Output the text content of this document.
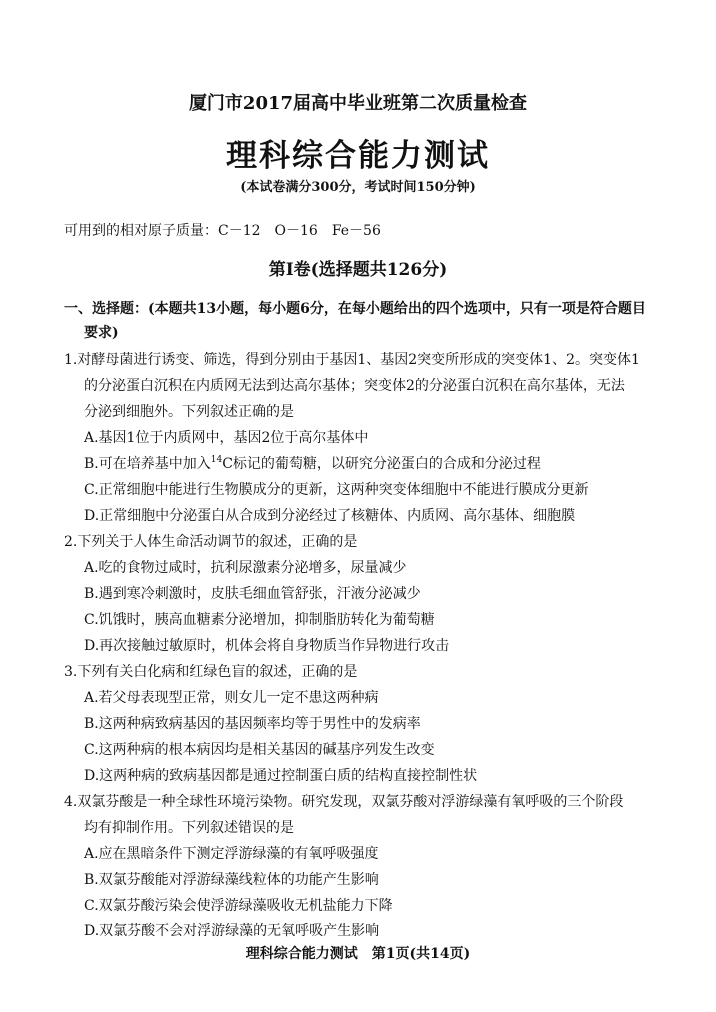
厦门市2017届高中毕业班第二次质量检查
理科综合能力测试
(本试卷满分300分，考试时间150分钟)
可用到的相对原子质量：C－12　O－16　Fe－56
第Ⅰ卷(选择题共126分)
一、选择题：(本题共13小题，每小题6分，在每小题给出的四个选项中，只有一项是符合题目
要求)
1.对酵母菌进行诱变、筛选，得到分别由于基因1、基因2突变所形成的突变体1、2。突变体1
的分泌蛋白沉积在内质网无法到达高尔基体；突变体2的分泌蛋白沉积在高尔基体，无法
分泌到细胞外。下列叙述正确的是
A.基因1位于内质网中，基因2位于高尔基体中
B.可在培养基中加入$^{14}$C标记的葡萄糖，以研究分泌蛋白的合成和分泌过程
C.正常细胞中能进行生物膜成分的更新，这两种突变体细胞中不能进行膜成分更新
D.正常细胞中分泌蛋白从合成到分泌经过了核糖体、内质网、高尔基体、细胞膜
2.下列关于人体生命活动调节的叙述，正确的是
A.吃的食物过咸时，抗利尿激素分泌增多，尿量减少
B.遇到寒冷刺激时，皮肤毛细血管舒张，汗液分泌减少
C.饥饿时，胰高血糖素分泌增加，抑制脂肪转化为葡萄糖
D.再次接触过敏原时，机体会将自身物质当作异物进行攻击
3.下列有关白化病和红绿色盲的叙述，正确的是
A.若父母表现型正常，则女儿一定不患这两种病
B.这两种病致病基因的基因频率均等于男性中的发病率
C.这两种病的根本病因均是相关基因的碱基序列发生改变
D.这两种病的致病基因都是通过控制蛋白质的结构直接控制性状
4.双氯芬酸是一种全球性环境污染物。研究发现，双氯芬酸对浮游绿藻有氧呼吸的三个阶段
均有抑制作用。下列叙述错误的是
A.应在黑暗条件下测定浮游绿藻的有氧呼吸强度
B.双氯芬酸能对浮游绿藻线粒体的功能产生影响
C.双氯芬酸污染会使浮游绿藻吸收无机盐能力下降
D.双氯芬酸不会对浮游绿藻的无氧呼吸产生影响
理科综合能力测试　第1页(共14页)
